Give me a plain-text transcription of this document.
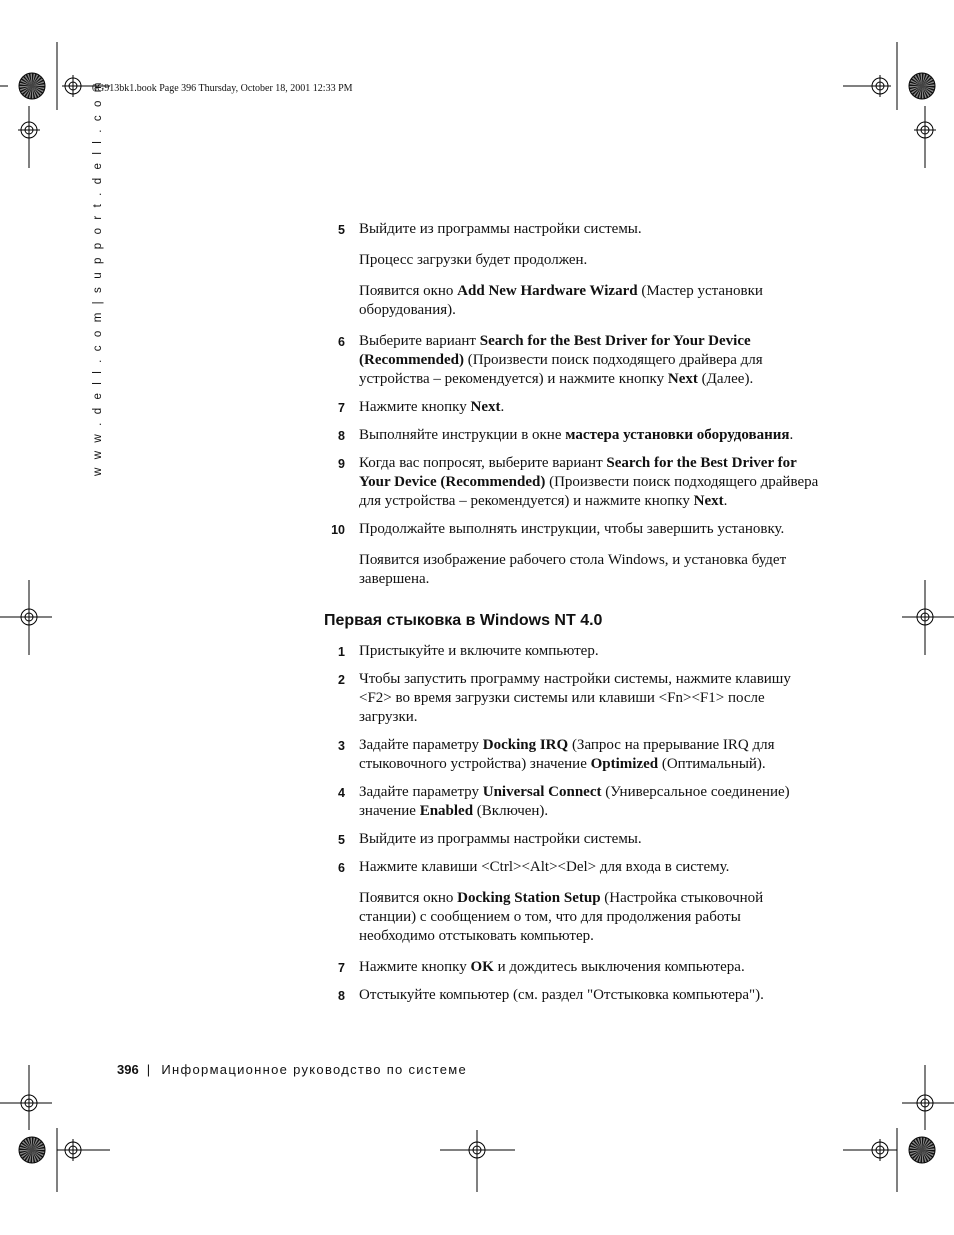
0G913bk1.book Page 396 Thursday, October 18, 2001 12:33 PM
w w w . d e l l . c o m | s u p p o r t . d e l l . c o m	5 Выйдите из программы настройки системы.
Процесс загрузки будет продолжен.
Появится окно Add New Hardware Wizard (Мастер установки оборудования).
6 Выберите вариант Search for the Best Driver for Your Device (Recommended) (Произвести поиск подходящего драйвера для устройства – рекомендуется) и нажмите кнопку Next (Далее).
7 Нажмите кнопку Next.
8 Выполняйте инструкции в окне мастера установки оборудования.
9 Когда вас попросят, выберите вариант Search for the Best Driver for Your Device (Recommended) (Произвести поиск подходящего драйвера для устройства – рекомендуется) и нажмите кнопку Next.
10 Продолжайте выполнять инструкции, чтобы завершить установку.
Появится изображение рабочего стола Windows, и установка будет завершена.
Первая стыковка в Windows NT 4.0
1 Пристыкуйте и включите компьютер.
2 Чтобы запустить программу настройки системы, нажмите клавишу <F2> во время загрузки системы или клавиши <Fn><F1> после загрузки.
3 Задайте параметру Docking IRQ (Запрос на прерывание IRQ для стыковочного устройства) значение Optimized (Оптимальный).
4 Задайте параметру Universal Connect (Универсальное соединение) значение Enabled (Включен).
5 Выйдите из программы настройки системы.
6 Нажмите клавиши <Ctrl><Alt><Del> для входа в систему.
Появится окно Docking Station Setup (Настройка стыковочной станции) с сообщением о том, что для продолжения работы необходимо отстыковать компьютер.
7 Нажмите кнопку OK и дождитесь выключения компьютера.
8 Отстыкуйте компьютер (см. раздел "Отстыковка компьютера").
396 | Информационное руководство по системе
